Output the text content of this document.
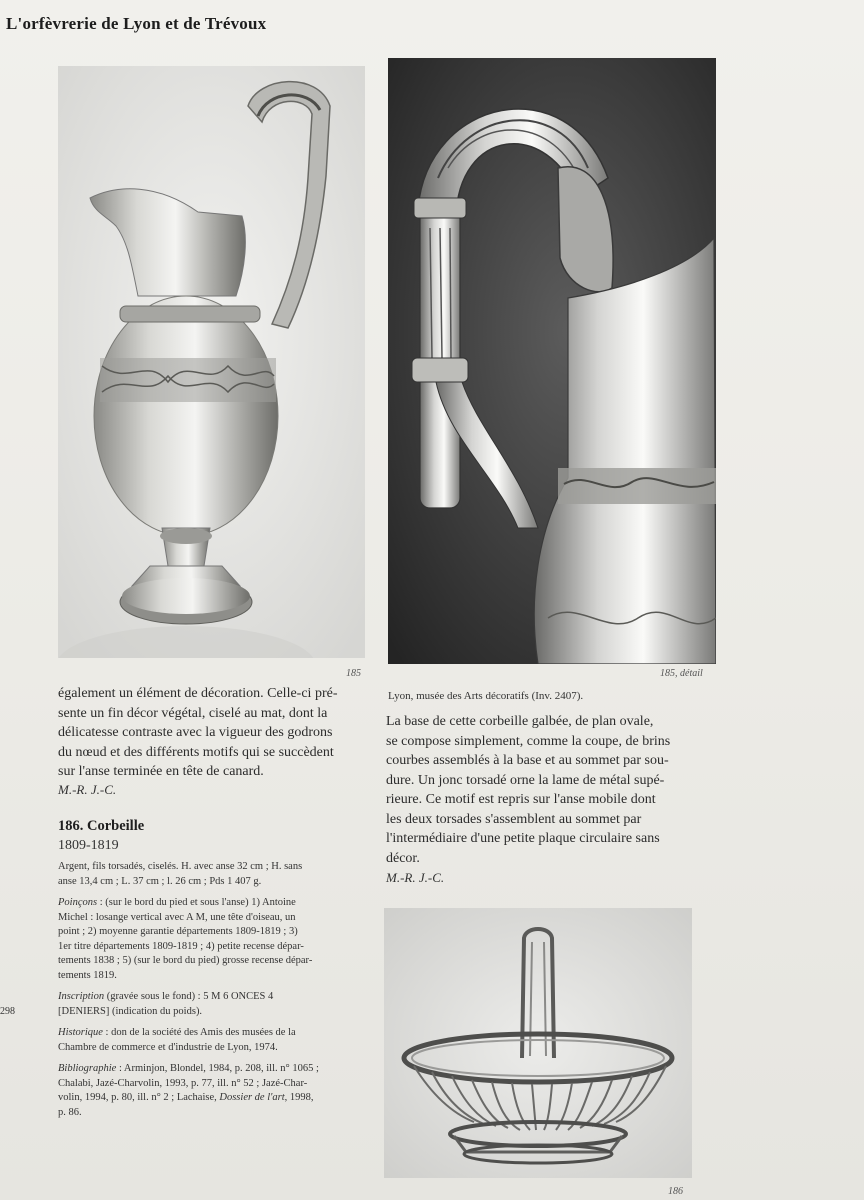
L'orfèvrerie de Lyon et de Trévoux
185	185, détail
également un élément de décoration. Celle-ci pré-
sente un fin décor végétal, ciselé au mat, dont la
délicatesse contraste avec la vigueur des godrons
du nœud et des différents motifs qui se succèdent
sur l'anse terminée en tête de canard.
M.-R. J.-C.
186. Corbeille
1809-1819
Argent, fils torsadés, ciselés. H. avec anse 32 cm ; H. sans
anse 13,4 cm ; L. 37 cm ; l. 26 cm ; Pds 1 407 g.
Poinçons : (sur le bord du pied et sous l'anse) 1) Antoine
Michel : losange vertical avec A M, une tête d'oiseau, un
point ; 2) moyenne garantie départements 1809-1819 ; 3)
1er titre départements 1809-1819 ; 4) petite recense dépar-
tements 1838 ; 5) (sur le bord du pied) grosse recense dépar-
tements 1819.
Inscription (gravée sous le fond) : 5 M 6 ONCES 4
[DENIERS] (indication du poids).
Historique : don de la société des Amis des musées de la
Chambre de commerce et d'industrie de Lyon, 1974.
Bibliographie : Arminjon, Blondel, 1984, p. 208, ill. n° 1065 ;
Chalabi, Jazé-Charvolin, 1993, p. 77, ill. n° 52 ; Jazé-Char-
volin, 1994, p. 80, ill. n° 2 ; Lachaise, Dossier de l'art, 1998,
p. 86.
298
Lyon, musée des Arts décoratifs (Inv. 2407).
La base de cette corbeille galbée, de plan ovale,
se compose simplement, comme la coupe, de brins
courbes assemblés à la base et au sommet par sou-
dure. Un jonc torsadé orne la lame de métal supé-
rieure. Ce motif est repris sur l'anse mobile dont
les deux torsades s'assemblent au sommet par
l'intermédiaire d'une petite plaque circulaire sans
décor.
M.-R. J.-C.
186
